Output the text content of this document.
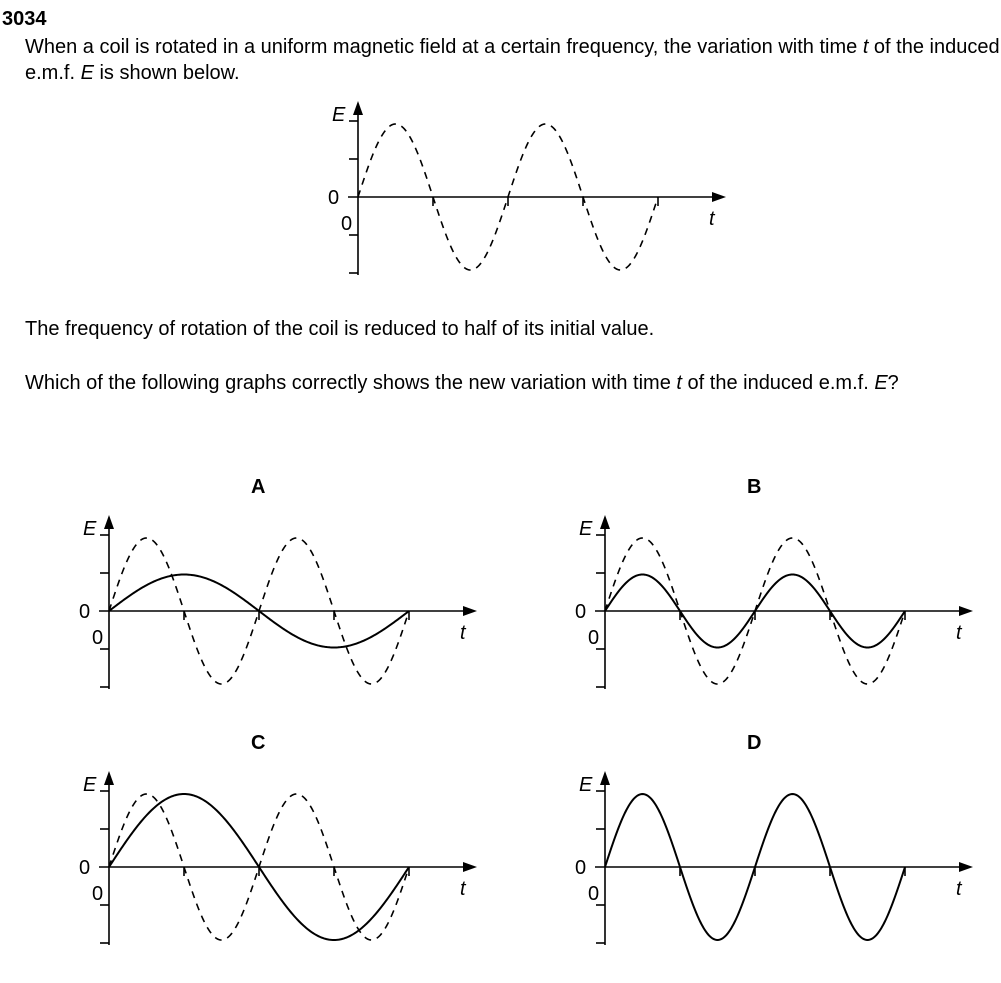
3034

When a coil is rotated in a uniform magnetic field at a certain frequency, the variation with time t of the induced e.m.f. E is shown below.

The frequency of rotation of the coil is reduced to half of its initial value.

Which of the following graphs correctly shows the new variation with time t of the induced e.m.f. E?

A	B
C	D
E
t
0
0
E
t
0
0
E
t
0
0
E
t
0
0
E
t
0
0
